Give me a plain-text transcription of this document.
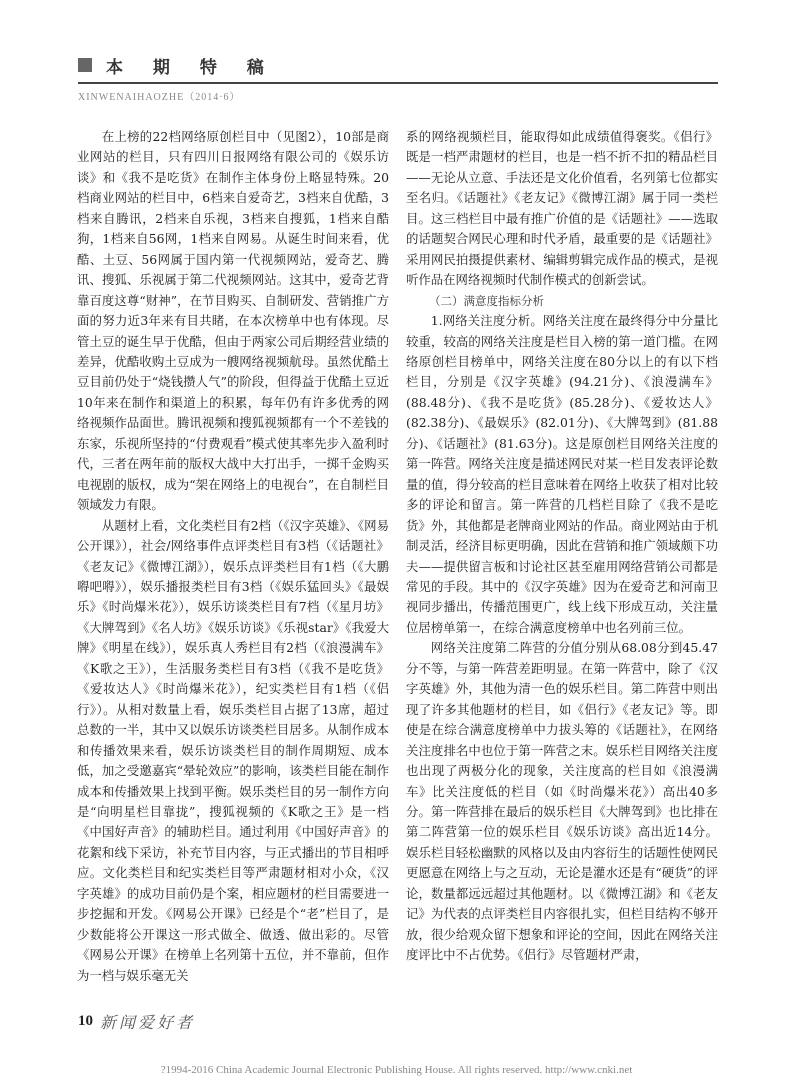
本 期 特 稿
XINWENAIHAOZHE（2014·6）

在上榜的22档网络原创栏目中（见图2），10部是商业网站的栏目，只有四川日报网络有限公司的《娱乐访谈》和《我不是吃货》在制作主体身份上略显特殊。20档商业网站的栏目中，6档来自爱奇艺，3档来自优酷，3档来自腾讯，2档来自乐视，3档来自搜狐，1档来自酷狗，1档来自56网，1档来自网易。从诞生时间来看，优酷、土豆、56网属于国内第一代视频网站，爱奇艺、腾讯、搜狐、乐视属于第二代视频网站。这其中，爱奇艺背靠百度这尊“财神”，在节目购买、自制研发、营销推广方面的努力近3年来有目共睹，在本次榜单中也有体现。尽管土豆的诞生早于优酷，但由于两家公司后期经营业绩的差异，优酷收购土豆成为一艘网络视频航母。虽然优酷土豆目前仍处于“烧钱攒人气”的阶段，但得益于优酷土豆近10年来在制作和渠道上的积累，每年仍有许多优秀的网络视频作品面世。腾讯视频和搜狐视频都有一个不差钱的东家，乐视所坚持的“付费观看”模式使其率先步入盈利时代，三者在两年前的版权大战中大打出手，一掷千金购买电视剧的版权，成为“架在网络上的电视台”，在自制栏目领域发力有限。

从题材上看，文化类栏目有2档（《汉字英雄》、《网易公开课》），社会/网络事件点评类栏目有3档（《话题社》《老友记》《微博江湖》），娱乐点评类栏目有1档（《大鹏嘚吧嘚》），娱乐播报类栏目有3档（《娱乐猛回头》《最娱乐》《时尚爆米花》），娱乐访谈类栏目有7档（《星月坊》《大牌驾到》《名人坊》《娱乐访谈》《乐视star》《我爱大牌》《明星在线》），娱乐真人秀栏目有2档（《浪漫满车》《K歌之王》），生活服务类栏目有3档（《我不是吃货》《爱妆达人》《时尚爆米花》），纪实类栏目有1档（《侣行》）。从相对数量上看，娱乐类栏目占据了13席，超过总数的一半，其中又以娱乐访谈类栏目居多。从制作成本和传播效果来看，娱乐访谈类栏目的制作周期短、成本低，加之受邀嘉宾“晕轮效应”的影响，该类栏目能在制作成本和传播效果上找到平衡。娱乐类栏目的另一制作方向是“向明星栏目靠拢”，搜狐视频的《K歌之王》是一档《中国好声音》的辅助栏目。通过利用《中国好声音》的花絮和线下采访，补充节目内容，与正式播出的节目相呼应。文化类栏目和纪实类栏目等严肃题材相对小众，《汉字英雄》的成功目前仍是个案，相应题材的栏目需要进一步挖掘和开发。《网易公开课》已经是个“老”栏目了，是少数能将公开课这一形式做全、做透、做出彩的。尽管《网易公开课》在榜单上名列第十五位，并不靠前，但作为一档与娱乐毫无关

系的网络视频栏目，能取得如此成绩值得褒奖。《侣行》既是一档严肃题材的栏目，也是一档不折不扣的精品栏目——无论从立意、手法还是文化价值看，名列第七位都实至名归。《话题社》《老友记》《微博江湖》属于同一类栏目。这三档栏目中最有推广价值的是《话题社》——选取的话题契合网民心理和时代矛盾，最重要的是《话题社》采用网民拍摄提供素材、编辑剪辑完成作品的模式，是视听作品在网络视频时代制作模式的创新尝试。

（二）满意度指标分析

1.网络关注度分析。网络关注度在最终得分中分量比较重，较高的网络关注度是栏目入榜的第一道门槛。在网络原创栏目榜单中，网络关注度在80分以上的有以下档栏目，分别是《汉字英雄》(94.21分)、《浪漫满车》(88.48分)、《我不是吃货》(85.28分)、《爱妆达人》(82.38分)、《最娱乐》(82.01分)、《大牌驾到》(81.88分)、《话题社》(81.63分)。这是原创栏目网络关注度的第一阵营。网络关注度是描述网民对某一栏目发表评论数量的值，得分较高的栏目意味着在网络上收获了相对比较多的评论和留言。第一阵营的几档栏目除了《我不是吃货》外，其他都是老牌商业网站的作品。商业网站由于机制灵活，经济目标更明确，因此在营销和推广领域颇下功夫——提供留言板和讨论社区甚至雇用网络营销公司都是常见的手段。其中的《汉字英雄》因为在爱奇艺和河南卫视同步播出，传播范围更广，线上线下形成互动，关注量位居榜单第一，在综合满意度榜单中也名列前三位。

网络关注度第二阵营的分值分别从68.08分到45.47分不等，与第一阵营差距明显。在第一阵营中，除了《汉字英雄》外，其他为清一色的娱乐栏目。第二阵营中则出现了许多其他题材的栏目，如《侣行》《老友记》等。即使是在综合满意度榜单中力拔头筹的《话题社》，在网络关注度排名中也位于第一阵营之末。娱乐栏目网络关注度也出现了两极分化的现象，关注度高的栏目如《浪漫满车》比关注度低的栏目（如《时尚爆米花》）高出40多分。第一阵营排在最后的娱乐栏目《大牌驾到》也比排在第二阵营第一位的娱乐栏目《娱乐访谈》高出近14分。娱乐栏目轻松幽默的风格以及由内容衍生的话题性使网民更愿意在网络上与之互动，无论是灌水还是有“硬货”的评论，数量都远远超过其他题材。以《微博江湖》和《老友记》为代表的点评类栏目内容很扎实，但栏目结构不够开放，很少给观众留下想象和评论的空间，因此在网络关注度评比中不占优势。《侣行》尽管题材严肃，

10 新闻爱好者
?1994-2016 China Academic Journal Electronic Publishing House. All rights reserved. http://www.cnki.net
